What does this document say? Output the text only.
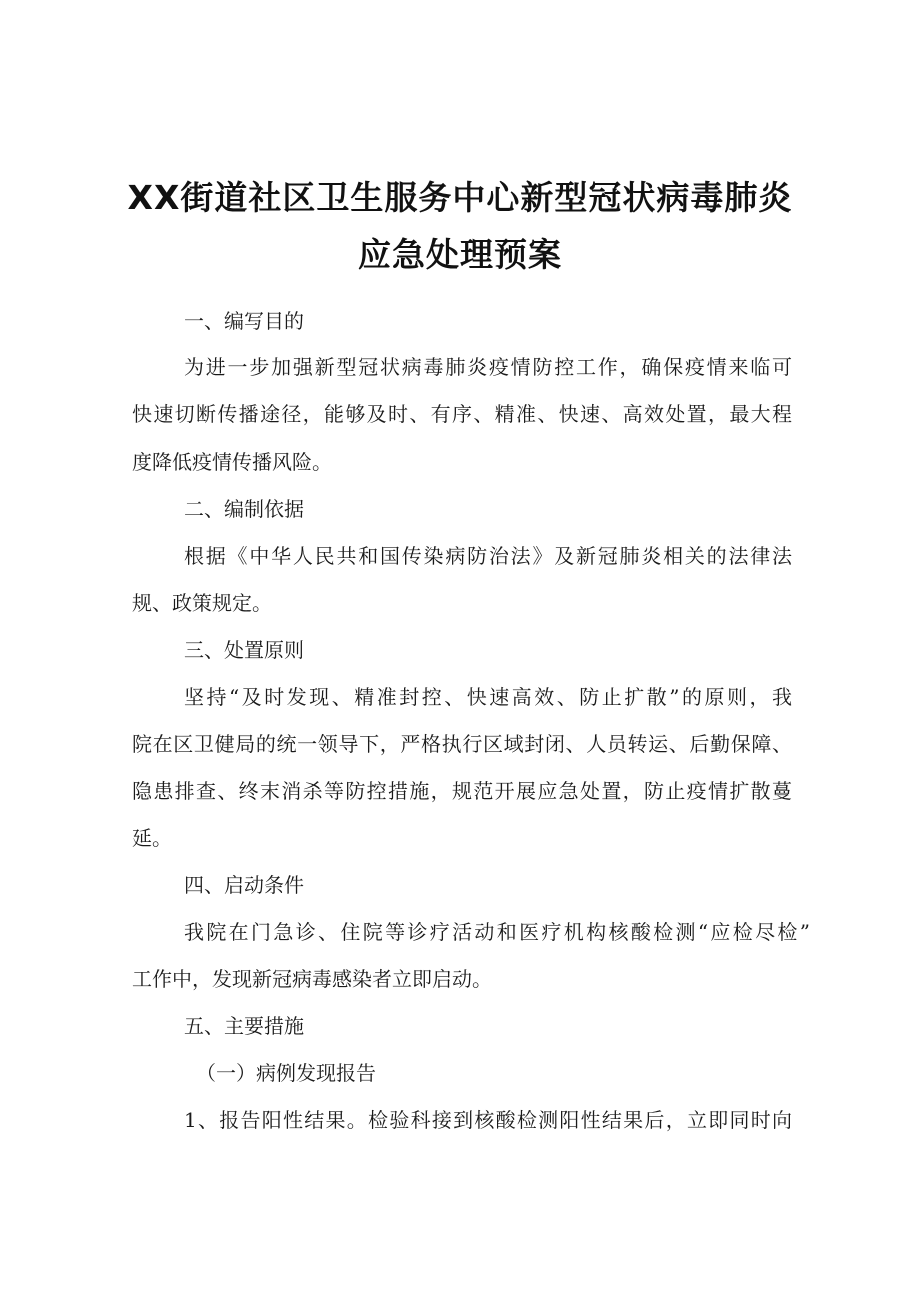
XX街道社区卫生服务中心新型冠状病毒肺炎
应急处理预案
一、编写目的
为进一步加强新型冠状病毒肺炎疫情防控工作，确保疫情来临可
快速切断传播途径，能够及时、有序、精准、快速、高效处置，最大程
度降低疫情传播风险。
二、编制依据
根据《中华人民共和国传染病防治法》及新冠肺炎相关的法律法
规、政策规定。
三、处置原则
坚持“及时发现、精准封控、快速高效、防止扩散”的原则，我
院在区卫健局的统一领导下，严格执行区域封闭、人员转运、后勤保障、
隐患排查、终末消杀等防控措施，规范开展应急处置，防止疫情扩散蔓
延。
四、启动条件
我院在门急诊、住院等诊疗活动和医疗机构核酸检测“应检尽检”
工作中，发现新冠病毒感染者立即启动。
五、主要措施
（一）病例发现报告
1、报告阳性结果。检验科接到核酸检测阳性结果后，立即同时向
